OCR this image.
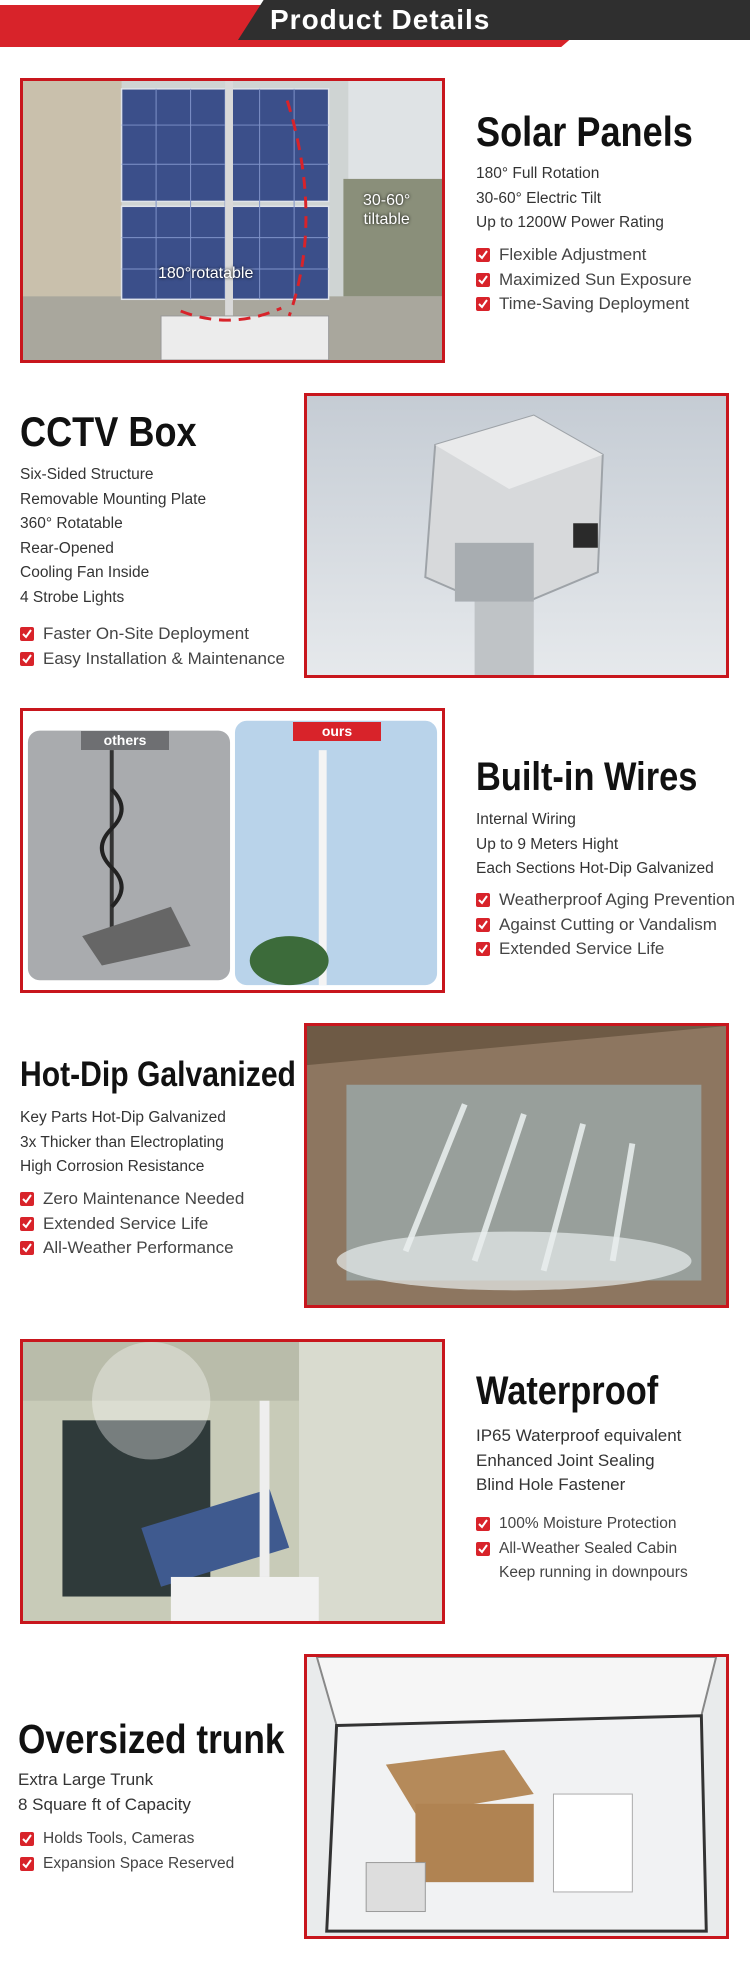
Product Details
30-60°
tiltable
180°rotatable
Solar Panels
180° Full Rotation
30-60° Electric Tilt
Up to 1200W Power Rating
Flexible Adjustment
Maximized Sun Exposure
Time-Saving Deployment
CCTV Box
Six-Sided Structure
Removable Mounting Plate
360° Rotatable
Rear-Opened
Cooling Fan Inside
4 Strobe Lights
Faster On-Site Deployment
Easy Installation & Maintenance
others
ours
Built-in Wires
Internal Wiring
Up to 9 Meters Hight
Each Sections Hot-Dip Galvanized
Weatherproof Aging Prevention
Against Cutting or Vandalism
Extended Service Life
Hot-Dip Galvanized
Key Parts Hot-Dip Galvanized
3x Thicker than Electroplating
High Corrosion Resistance
Zero Maintenance Needed
Extended Service Life
All-Weather Performance
Waterproof
IP65 Waterproof equivalent
Enhanced Joint Sealing
Blind Hole Fastener
100% Moisture Protection
All-Weather Sealed Cabin
Keep running in downpours
Oversized trunk
Extra Large Trunk
8 Square ft of Capacity
Holds Tools, Cameras
Expansion Space Reserved
